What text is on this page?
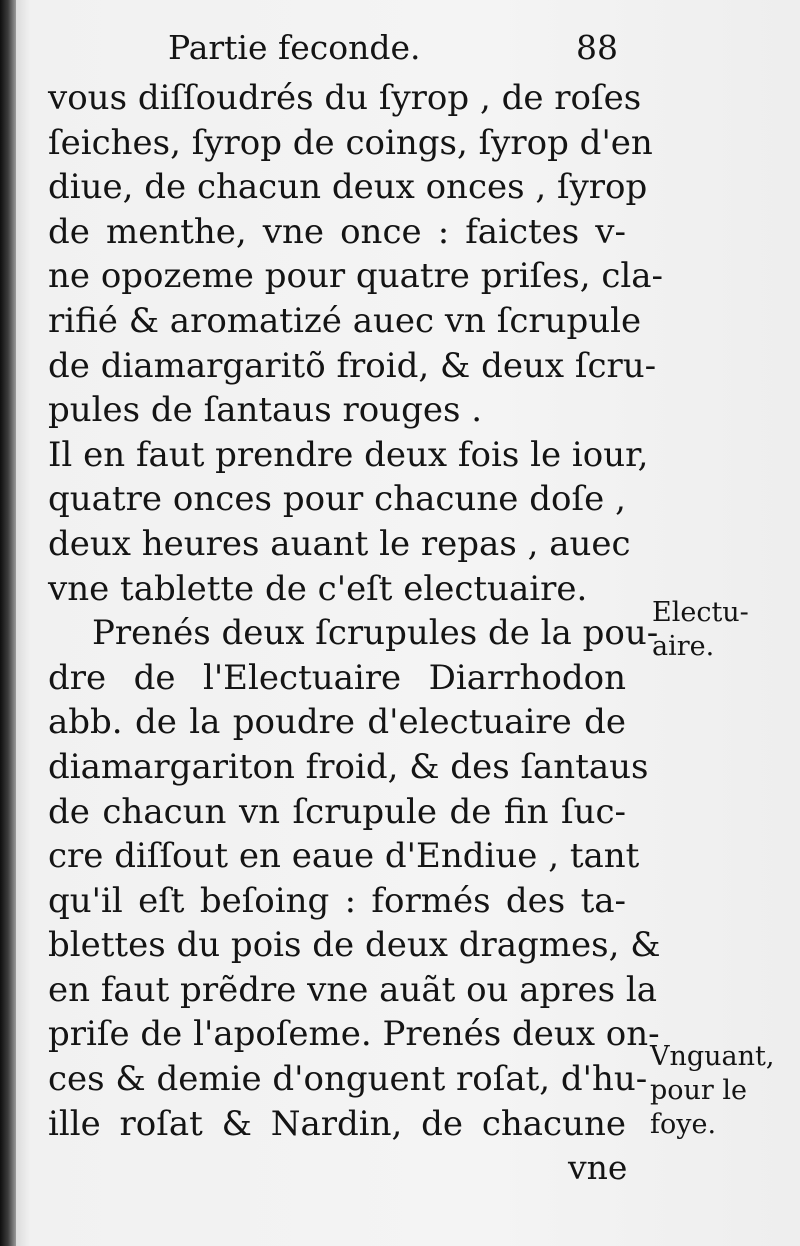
Partie feconde.	88
vous diſſoudrés du ſyrop , de roſes
ſeiches, ſyrop de coings, ſyrop d'en
diue, de chacun deux onces , ſyrop
de menthe, vne once : faictes v-
ne opozeme pour quatre priſes, cla-
rifié & aromatizé auec vn ſcrupule
de diamargaritõ froid, & deux ſcru-
pules de ſantaus rouges .
Il en faut prendre deux fois le iour,
quatre onces pour chacune doſe ,
deux heures auant le repas , auec
vne tablette de c'eſt electuaire.
Prenés deux ſcrupules de la pou-
dre de l'Electuaire Diarrhodon
abb. de la poudre d'electuaire de
diamargariton froid, & des ſantaus
de chacun vn ſcrupule de fin ſuc-
cre diſſout en eaue d'Endiue , tant
qu'il eſt beſoing : formés des ta-
blettes du pois de deux dragmes, &
en faut prẽdre vne auãt ou apres la
priſe de l'apoſeme. Prenés deux on-
ces & demie d'onguent roſat, d'hu-
ille roſat & Nardin, de chacune
vne
Electu-
aire.
Vnguant,
pour le
foye.
